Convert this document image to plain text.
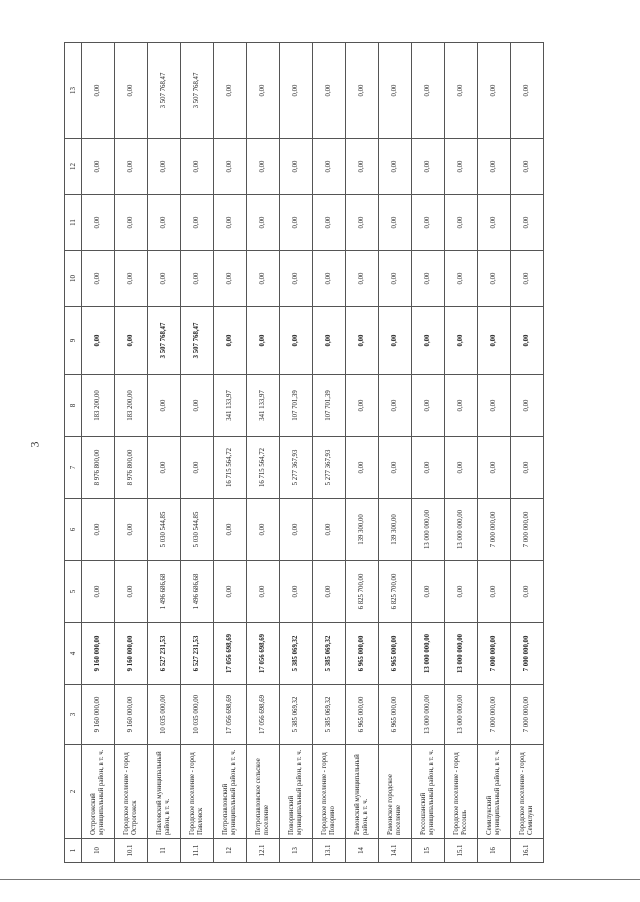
3
1	2	3	4	5	6	7	8	9	10	11	12	13
10	Острогожский муниципальный район, в т. ч.	9 160 000,00	9 160 000,00	0,00	0,00	8 976 800,00	183 200,00	0,00	0,00	0,00	0,00	0,00
10.1	Городское поселение - город Острогожск	9 160 000,00	9 160 000,00	0,00	0,00	8 976 800,00	183 200,00	0,00	0,00	0,00	0,00	0,00
11	Павловский муниципальный район, в т. ч.	10 035 000,00	6 527 231,53	1 496 686,68	5 030 544,85	0,00	0,00	3 507 768,47	0,00	0,00	0,00	3 507 768,47
11.1	Городское поселение - город Павловск	10 035 000,00	6 527 231,53	1 496 686,68	5 030 544,85	0,00	0,00	3 507 768,47	0,00	0,00	0,00	3 507 768,47
12	Петропавловский муниципальный район, в т. ч.	17 056 698,69	17 056 698,69	0,00	0,00	16 715 564,72	341 133,97	0,00	0,00	0,00	0,00	0,00
12.1	Петропавловское сельское поселение	17 056 698,69	17 056 698,69	0,00	0,00	16 715 564,72	341 133,97	0,00	0,00	0,00	0,00	0,00
13	Поворинский муниципальный район, в т. ч.	5 385 069,32	5 385 069,32	0,00	0,00	5 277 367,93	107 701,39	0,00	0,00	0,00	0,00	0,00
13.1	Городское поселение - город Поворино	5 385 069,32	5 385 069,32	0,00	0,00	5 277 367,93	107 701,39	0,00	0,00	0,00	0,00	0,00
14	Рамонский муниципальный район, в т. ч.	6 965 000,00	6 965 000,00	6 825 700,00	139 300,00	0,00	0,00	0,00	0,00	0,00	0,00	0,00
14.1	Рамонское городское поселение	6 965 000,00	6 965 000,00	6 825 700,00	139 300,00	0,00	0,00	0,00	0,00	0,00	0,00	0,00
15	Россошанский муниципальный район, в т. ч.	13 000 000,00	13 000 000,00	0,00	13 000 000,00	0,00	0,00	0,00	0,00	0,00	0,00	0,00
15.1	Городское поселение - город Россошь	13 000 000,00	13 000 000,00	0,00	13 000 000,00	0,00	0,00	0,00	0,00	0,00	0,00	0,00
16	Семилукский муниципальный район, в т. ч.	7 000 000,00	7 000 000,00	0,00	7 000 000,00	0,00	0,00	0,00	0,00	0,00	0,00	0,00
16.1	Городское поселение - город Семилуки	7 000 000,00	7 000 000,00	0,00	7 000 000,00	0,00	0,00	0,00	0,00	0,00	0,00	0,00
